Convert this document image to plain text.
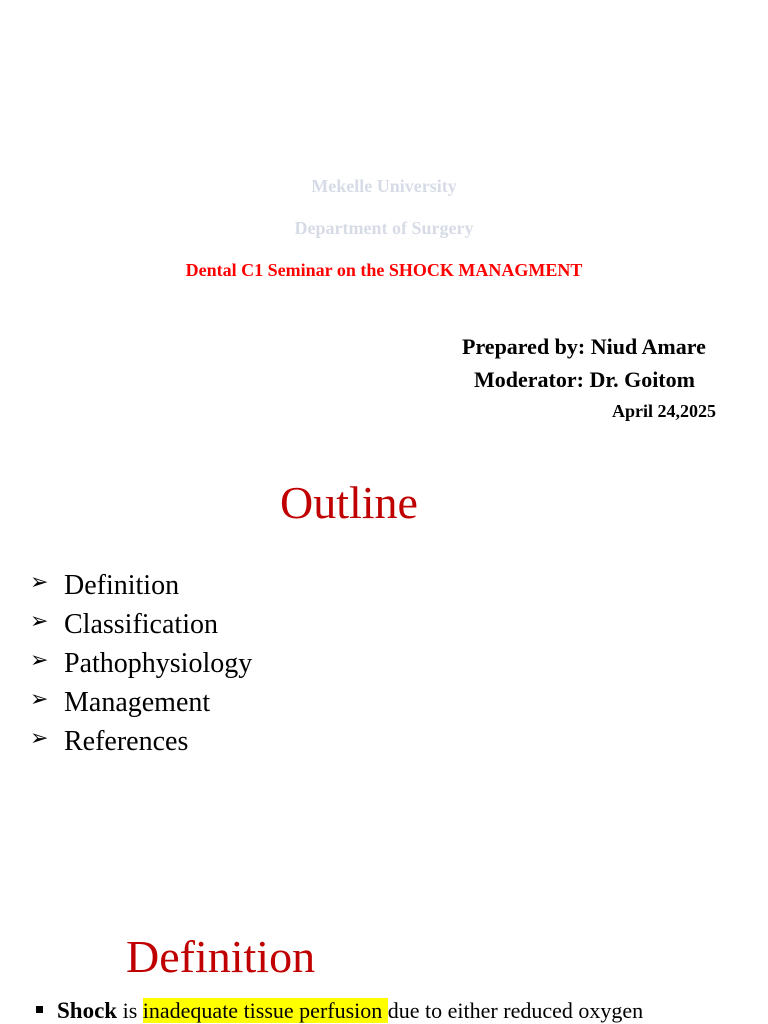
Mekelle University
Department of Surgery
Dental C1 Seminar on the SHOCK MANAGMENT
Prepared by: Niud Amare
Moderator: Dr. Goitom
April 24,2025
Outline
➢ Definition
➢ Classification
➢ Pathophysiology
➢ Management
➢ References
Definition
Shock is inadequate tissue perfusion due to either reduced oxygen
